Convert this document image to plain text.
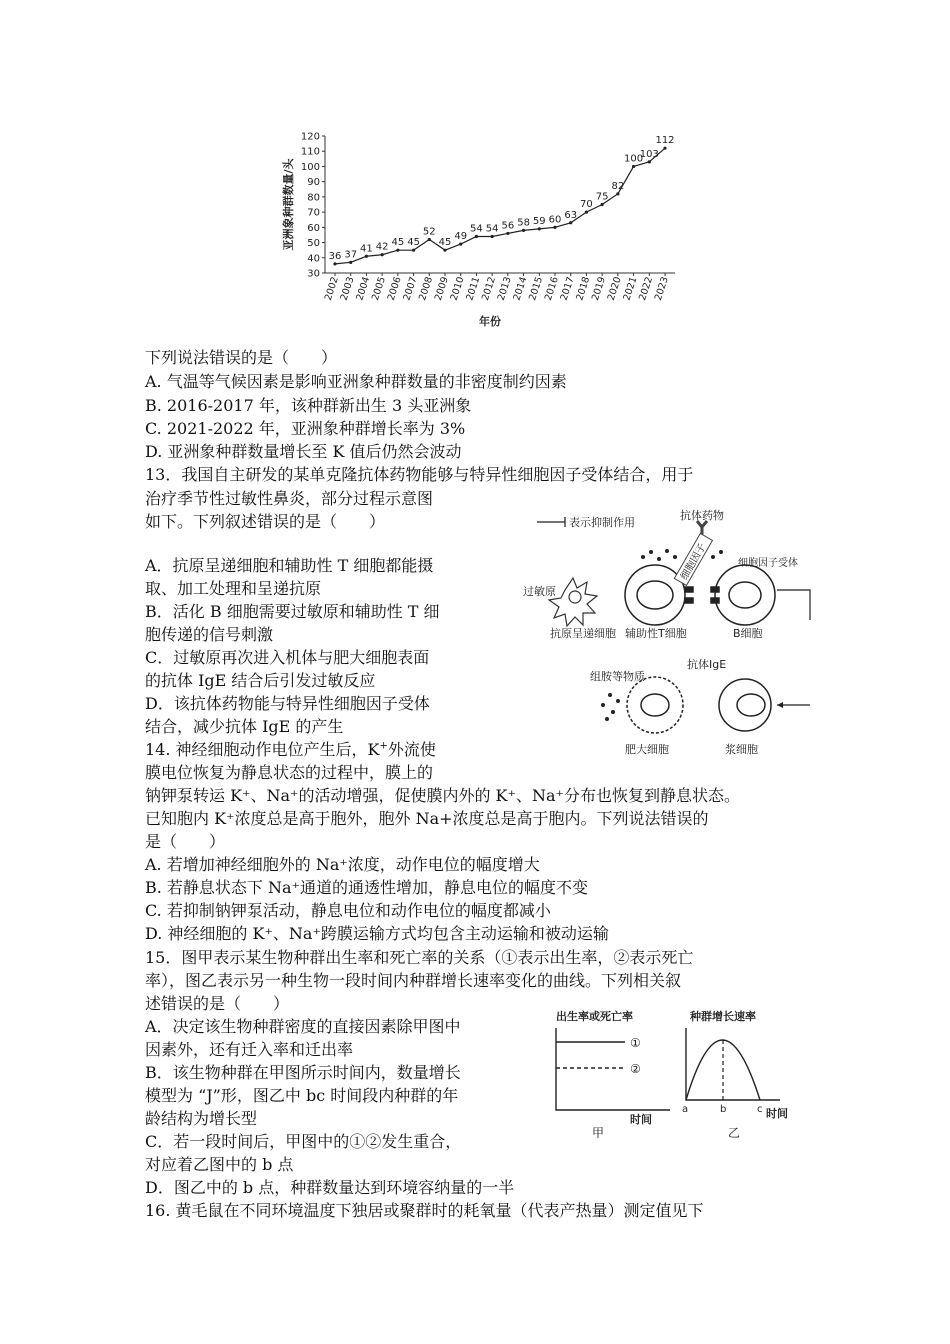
30
40
50
60
70
80
90
100
110
120
2002
2003
2004
2005
2006
2007
2008
2009
2010
2011
2012
2013
2014
2015
2016
2017
2018
2019
2020
2021
2022
2023
36 37
41 42 45 45
52
45
49
54 54 56 58 59 60 63
70
75
82
100
103
112
亚洲象种群数量/头
年份
下列说法错误的是（　　）
A. 气温等气候因素是影响亚洲象种群数量的非密度制约因素
B. 2016-2017 年，该种群新出生 3 头亚洲象
C. 2021-2022 年，亚洲象种群增长率为 3%
D. 亚洲象种群数量增长至 K 值后仍然会波动
13．我国自主研发的某单克隆抗体药物能够与特异性细胞因子受体结合，用于
治疗季节性过敏性鼻炎，部分过程示意图
如下。下列叙述错误的是（　　）
A．抗原呈递细胞和辅助性 T 细胞都能摄
取、加工处理和呈递抗原
B．活化 B 细胞需要过敏原和辅助性 T 细
胞传递的信号刺激
C．过敏原再次进入机体与肥大细胞表面
的抗体 IgE 结合后引发过敏反应
D．该抗体药物能与特异性细胞因子受体
结合，减少抗体 IgE 的产生
表示抑制作用
抗体药物
过敏原
抗原呈递细胞 辅助性T细胞
细胞因子	细胞因子受体
B细胞
组胺等物质
抗体IgE
肥大细胞	浆细胞
14. 神经细胞动作电位产生后，K+外流使
膜电位恢复为静息状态的过程中，膜上的
钠钾泵转运 K⁺、Na⁺的活动增强，促使膜内外的 K⁺、Na⁺分布也恢复到静息状态。
已知胞内 K⁺浓度总是高于胞外，胞外 Na+浓度总是高于胞内。下列说法错误的
是（　　）
A. 若增加神经细胞外的 Na⁺浓度，动作电位的幅度增大
B. 若静息状态下 Na⁺通道的通透性增加，静息电位的幅度不变
C. 若抑制钠钾泵活动，静息电位和动作电位的幅度都减小
D. 神经细胞的 K⁺、Na⁺跨膜运输方式均包含主动运输和被动运输
15．图甲表示某生物种群出生率和死亡率的关系（①表示出生率，②表示死亡
率），图乙表示另一种生物一段时间内种群增长速率变化的曲线。下列相关叙
述错误的是（　　）
A．决定该生物种群密度的直接因素除甲图中
因素外，还有迁入率和迁出率
B．该生物种群在甲图所示时间内，数量增长
模型为 “J”形，图乙中 bc 时间段内种群的年
龄结构为增长型
C．若一段时间后，甲图中的①②发生重合，
对应着乙图中的 b 点
D．图乙中的 b 点，种群数量达到环境容纳量的一半
出生率或死亡率
①
②
时间
甲
种群增长速率
a	b	c 时间
乙
16. 黄毛鼠在不同环境温度下独居或聚群时的耗氧量（代表产热量）测定值见下
